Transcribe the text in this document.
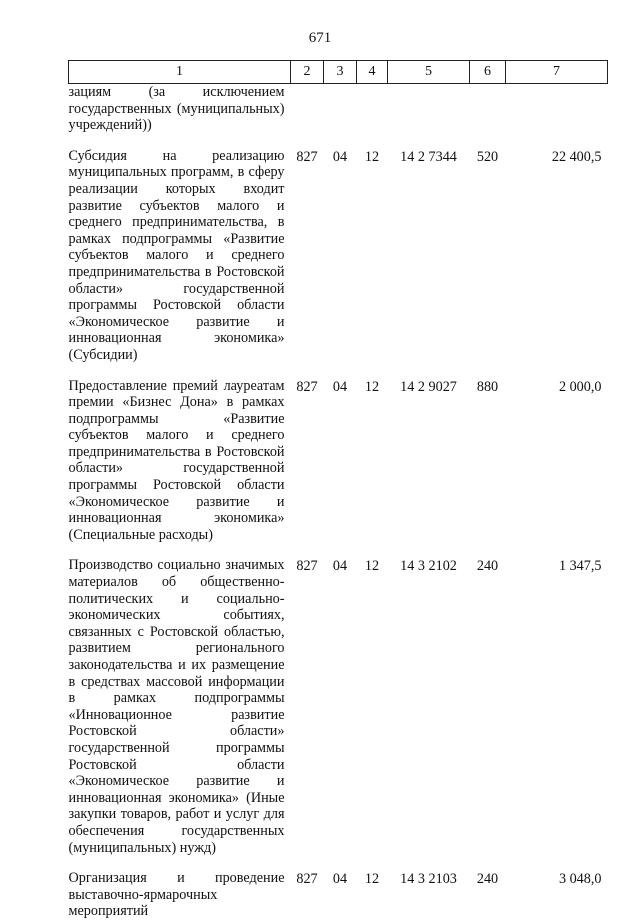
671
1	2	3	4	5	6	7
зациям (за исключением государственных (муниципальных) учреждений))						
Субсидия на реализацию муниципальных программ, в сферу реализации которых входит развитие субъектов малого и среднего предпринимательства, в рамках подпрограммы «Развитие субъектов малого и среднего предпринимательства в Ростовской области» государственной программы Ростовской области «Экономическое развитие и инновационная экономика» (Субсидии)	827	04	12	14 2 7344	520	22 400,5
Предоставление премий лауреатам премии «Бизнес Дона» в рамках подпрограммы «Развитие субъектов малого и среднего предпринимательства в Ростовской области» государственной программы Ростовской области «Экономическое развитие и инновационная экономика» (Специальные расходы)	827	04	12	14 2 9027	880	2 000,0
Производство социально значимых материалов об общественно-политических и социально-экономических событиях, связанных с Ростовской областью, развитием регионального законодательства и их размещение в средствах массовой информации в рамках подпрограммы «Инновационное развитие Ростовской области» государственной программы Ростовской области «Экономическое развитие и инновационная экономика» (Иные закупки товаров, работ и услуг для обеспечения государственных (муниципальных) нужд)	827	04	12	14 3 2102	240	1 347,5
Организация и проведение выставочно-ярмарочных мероприятий	827	04	12	14 3 2103	240	3 048,0
